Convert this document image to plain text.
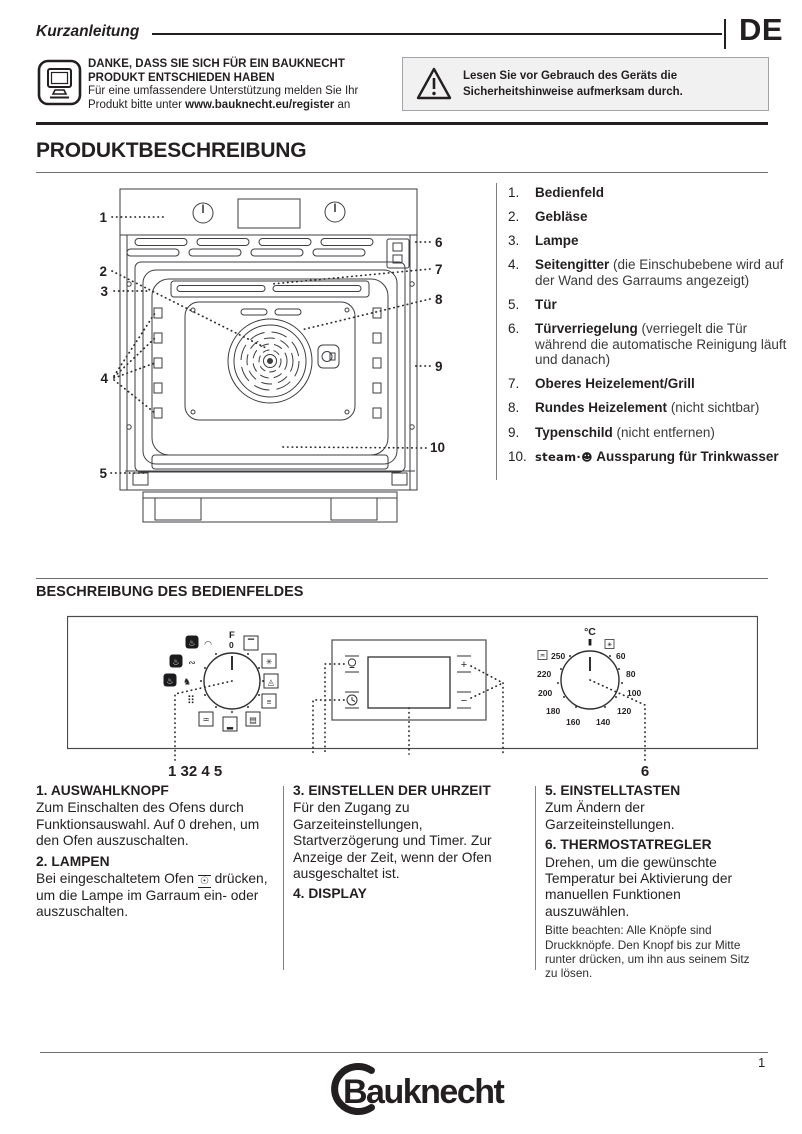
Kurzanleitung	DE
DANKE, DASS SIE SICH FÜR EIN BAUKNECHT
PRODUKT ENTSCHIEDEN HABEN
Für eine umfassendere Unterstützung melden Sie Ihr
Produkt bitte unter www.bauknecht.eu/register an
Lesen Sie vor Gebrauch des Geräts die Sicherheitshinweise aufmerksam durch.
PRODUKTBESCHREIBUNG
1
2
3
4
5
6
7
8
9
10
1. Bedienfeld
2. Gebläse
3. Lampe
4. Seitengitter (die Einschubebene wird auf der Wand des Garraums angezeigt)
5. Tür
6. Türverriegelung (verriegelt die Tür während die automatische Reinigung läuft und danach)
7. Oberes Heizelement/Grill
8. Rundes Heizelement (nicht sichtbar)
9. Typenschild (nicht entfernen)
10. steam·☻ Aussparung für Trinkwasser
BESCHREIBUNG DES BEDIENFELDES
F
0 ▔
✳
◬
≡
▤
▂
♒
⠿
♨ ♞
♨ ∾
♨ ◠
+
−
°C
60
80
100
120
140
160
180
200
220
250
♒
✳
1 32 4 5	6
1. AUSWAHLKNOPF

Zum Einschalten des Ofens durch Funktionsauswahl. Auf 0 drehen, um den Ofen auszuschalten.

2. LAMPEN

Bei eingeschaltetem Ofen ☉ drücken, um die Lampe im Garraum ein- oder auszuschalten.

3. EINSTELLEN DER UHRZEIT

Für den Zugang zu Garzeiteinstellungen, Startverzögerung und Timer. Zur Anzeige der Zeit, wenn der Ofen ausgeschaltet ist.

4. DISPLAY
5. EINSTELLTASTEN

Zum Ändern der Garzeiteinstellungen.

6. THERMOSTATREGLER

Drehen, um die gewünschte Temperatur bei Aktivierung der manuellen Funktionen auszuwählen.

Bitte beachten: Alle Knöpfe sind Druckknöpfe. Den Knopf bis zur Mitte runter drücken, um ihn aus seinem Sitz zu lösen.

1
Bauknecht
